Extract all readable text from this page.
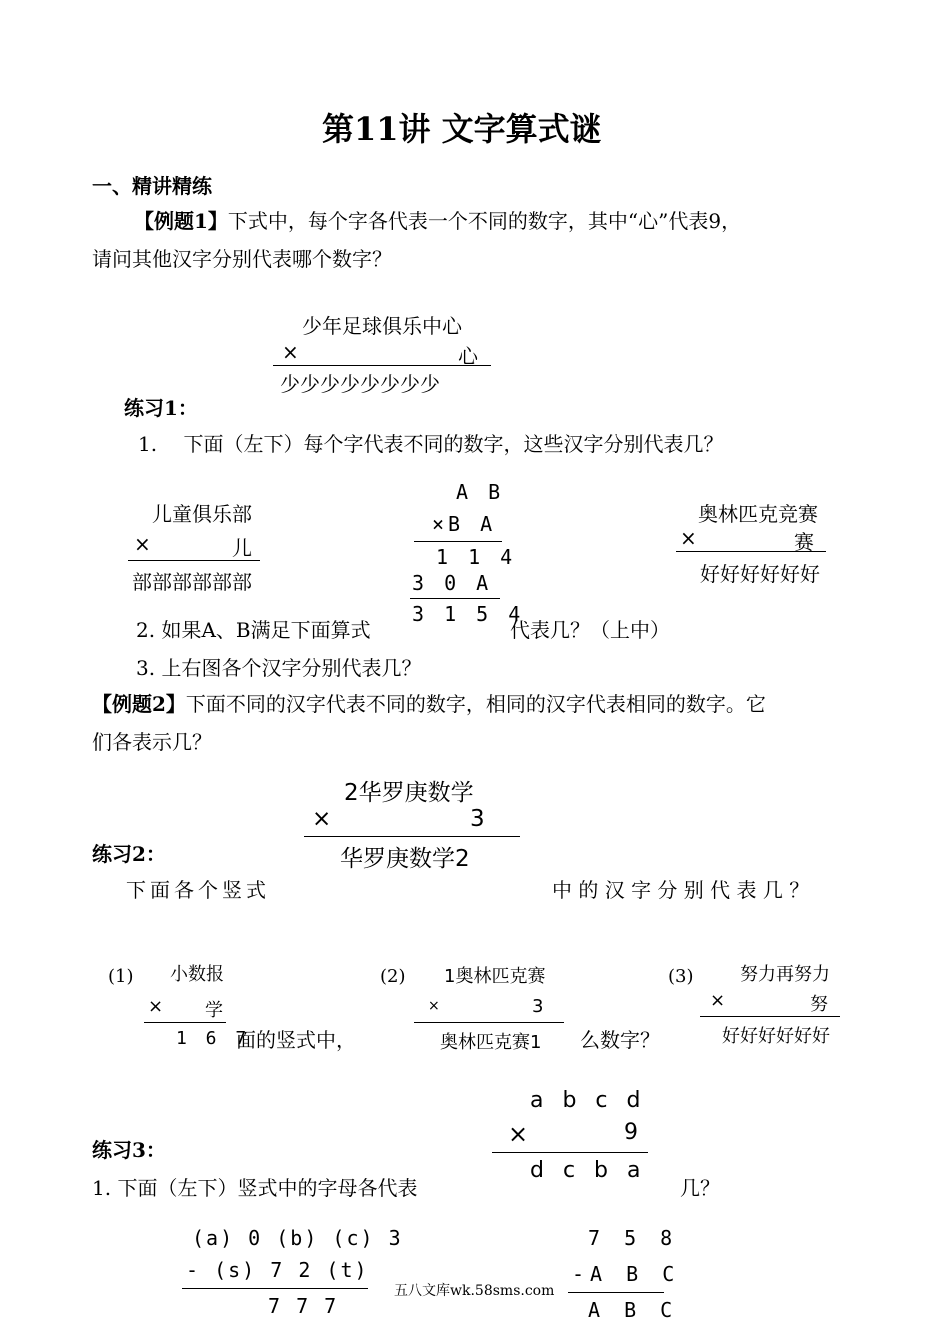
第11讲 文字算式谜
一、精讲精练
【例题1】下式中，每个字各代表一个不同的数字，其中“心”代表9，
请问其他汉字分别代表哪个数字？
少年足球俱乐中心
×	心
少少少少少少少少
练习1：
1.　 下面（左下）每个字代表不同的数字，这些汉字分别代表几？
儿童俱乐部
×	儿
部部部部部部
A B
×B A
1 1 4
3 0 A
3 1 5 4
奥林匹克竞赛
×	赛
好好好好好好
2. 如果A、B满足下面算式	代表几？（上中）
3. 上右图各个汉字分别代表几？
【例题2】下面不同的汉字代表不同的数字，相同的汉字代表相同的数字。它
们各表示几？
2华罗庚数学
×	3
华罗庚数学2
练习2：
下面各个竖式	中 的 汉 字 分 别 代 表 几 ？
(1) 小数报
× 学
1 6 7
面的竖式中，
(2) 1奥林匹克赛
×	3
奥林匹克赛1 么数字？
(3)	努力再努力
×	努
好好好好好好
a b c d
×	9
d c b a
练习3：
1. 下面（左下）竖式中的字母各代表	几？
(a) 0 (b) (c) 3
- (s) 7 2 (t)
7 7 7
五八文库wk.58sms.com
7 5 8
-A B C
A B C
